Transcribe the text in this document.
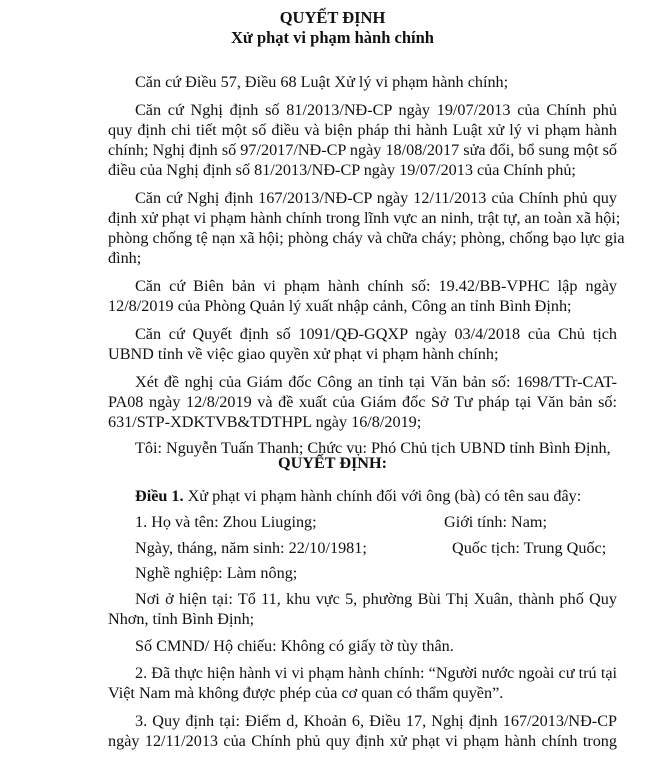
QUYẾT ĐỊNH
Xử phạt vi phạm hành chính
Căn cứ Điều 57, Điều 68 Luật Xử lý vi phạm hành chính;
Căn cứ Nghị định số 81/2013/NĐ-CP ngày 19/07/2013 của Chính phủ
quy định chi tiết một số điều và biện pháp thi hành Luật xử lý vi phạm hành
chính; Nghị định số 97/2017/NĐ-CP ngày 18/08/2017 sửa đổi, bổ sung một số
điều của Nghị định số 81/2013/NĐ-CP ngày 19/07/2013 của Chính phủ;
Căn cứ Nghị định 167/2013/NĐ-CP ngày 12/11/2013 của Chính phủ quy
định xử phạt vi phạm hành chính trong lĩnh vực an ninh, trật tự, an toàn xã hội;
phòng chống tệ nạn xã hội; phòng cháy và chữa cháy; phòng, chống bạo lực gia
đình;
Căn cứ Biên bản vi phạm hành chính số: 19.42/BB-VPHC lập ngày
12/8/2019 của Phòng Quản lý xuất nhập cảnh, Công an tỉnh Bình Định;
Căn cứ Quyết định số 1091/QĐ-GQXP ngày 03/4/2018 của Chủ tịch
UBND tỉnh về việc giao quyền xử phạt vi phạm hành chính;
Xét đề nghị của Giám đốc Công an tỉnh tại Văn bản số: 1698/TTr-CAT-
PA08 ngày 12/8/2019 và đề xuất của Giám đốc Sở Tư pháp tại Văn bản số:
631/STP-XDKTVB&TDTHPL ngày 16/8/2019;
Tôi: Nguyễn Tuấn Thanh; Chức vụ: Phó Chủ tịch UBND tỉnh Bình Định,
QUYẾT ĐỊNH:
Điều 1. Xử phạt vi phạm hành chính đối với ông (bà) có tên sau đây:
1. Họ và tên: Zhou Liuging;	Giới tính: Nam;
Ngày, tháng, năm sinh: 22/10/1981;	Quốc tịch: Trung Quốc;
Nghề nghiệp: Làm nông;
Nơi ở hiện tại: Tổ 11, khu vực 5, phường Bùi Thị Xuân, thành phố Quy
Nhơn, tỉnh Bình Định;
Số CMND/ Hộ chiếu: Không có giấy tờ tùy thân.
2. Đã thực hiện hành vi vi phạm hành chính: “Người nước ngoài cư trú tại
Việt Nam mà không được phép của cơ quan có thẩm quyền”.
3. Quy định tại: Điểm d, Khoản 6, Điều 17, Nghị định 167/2013/NĐ-CP
ngày 12/11/2013 của Chính phủ quy định xử phạt vi phạm hành chính trong
